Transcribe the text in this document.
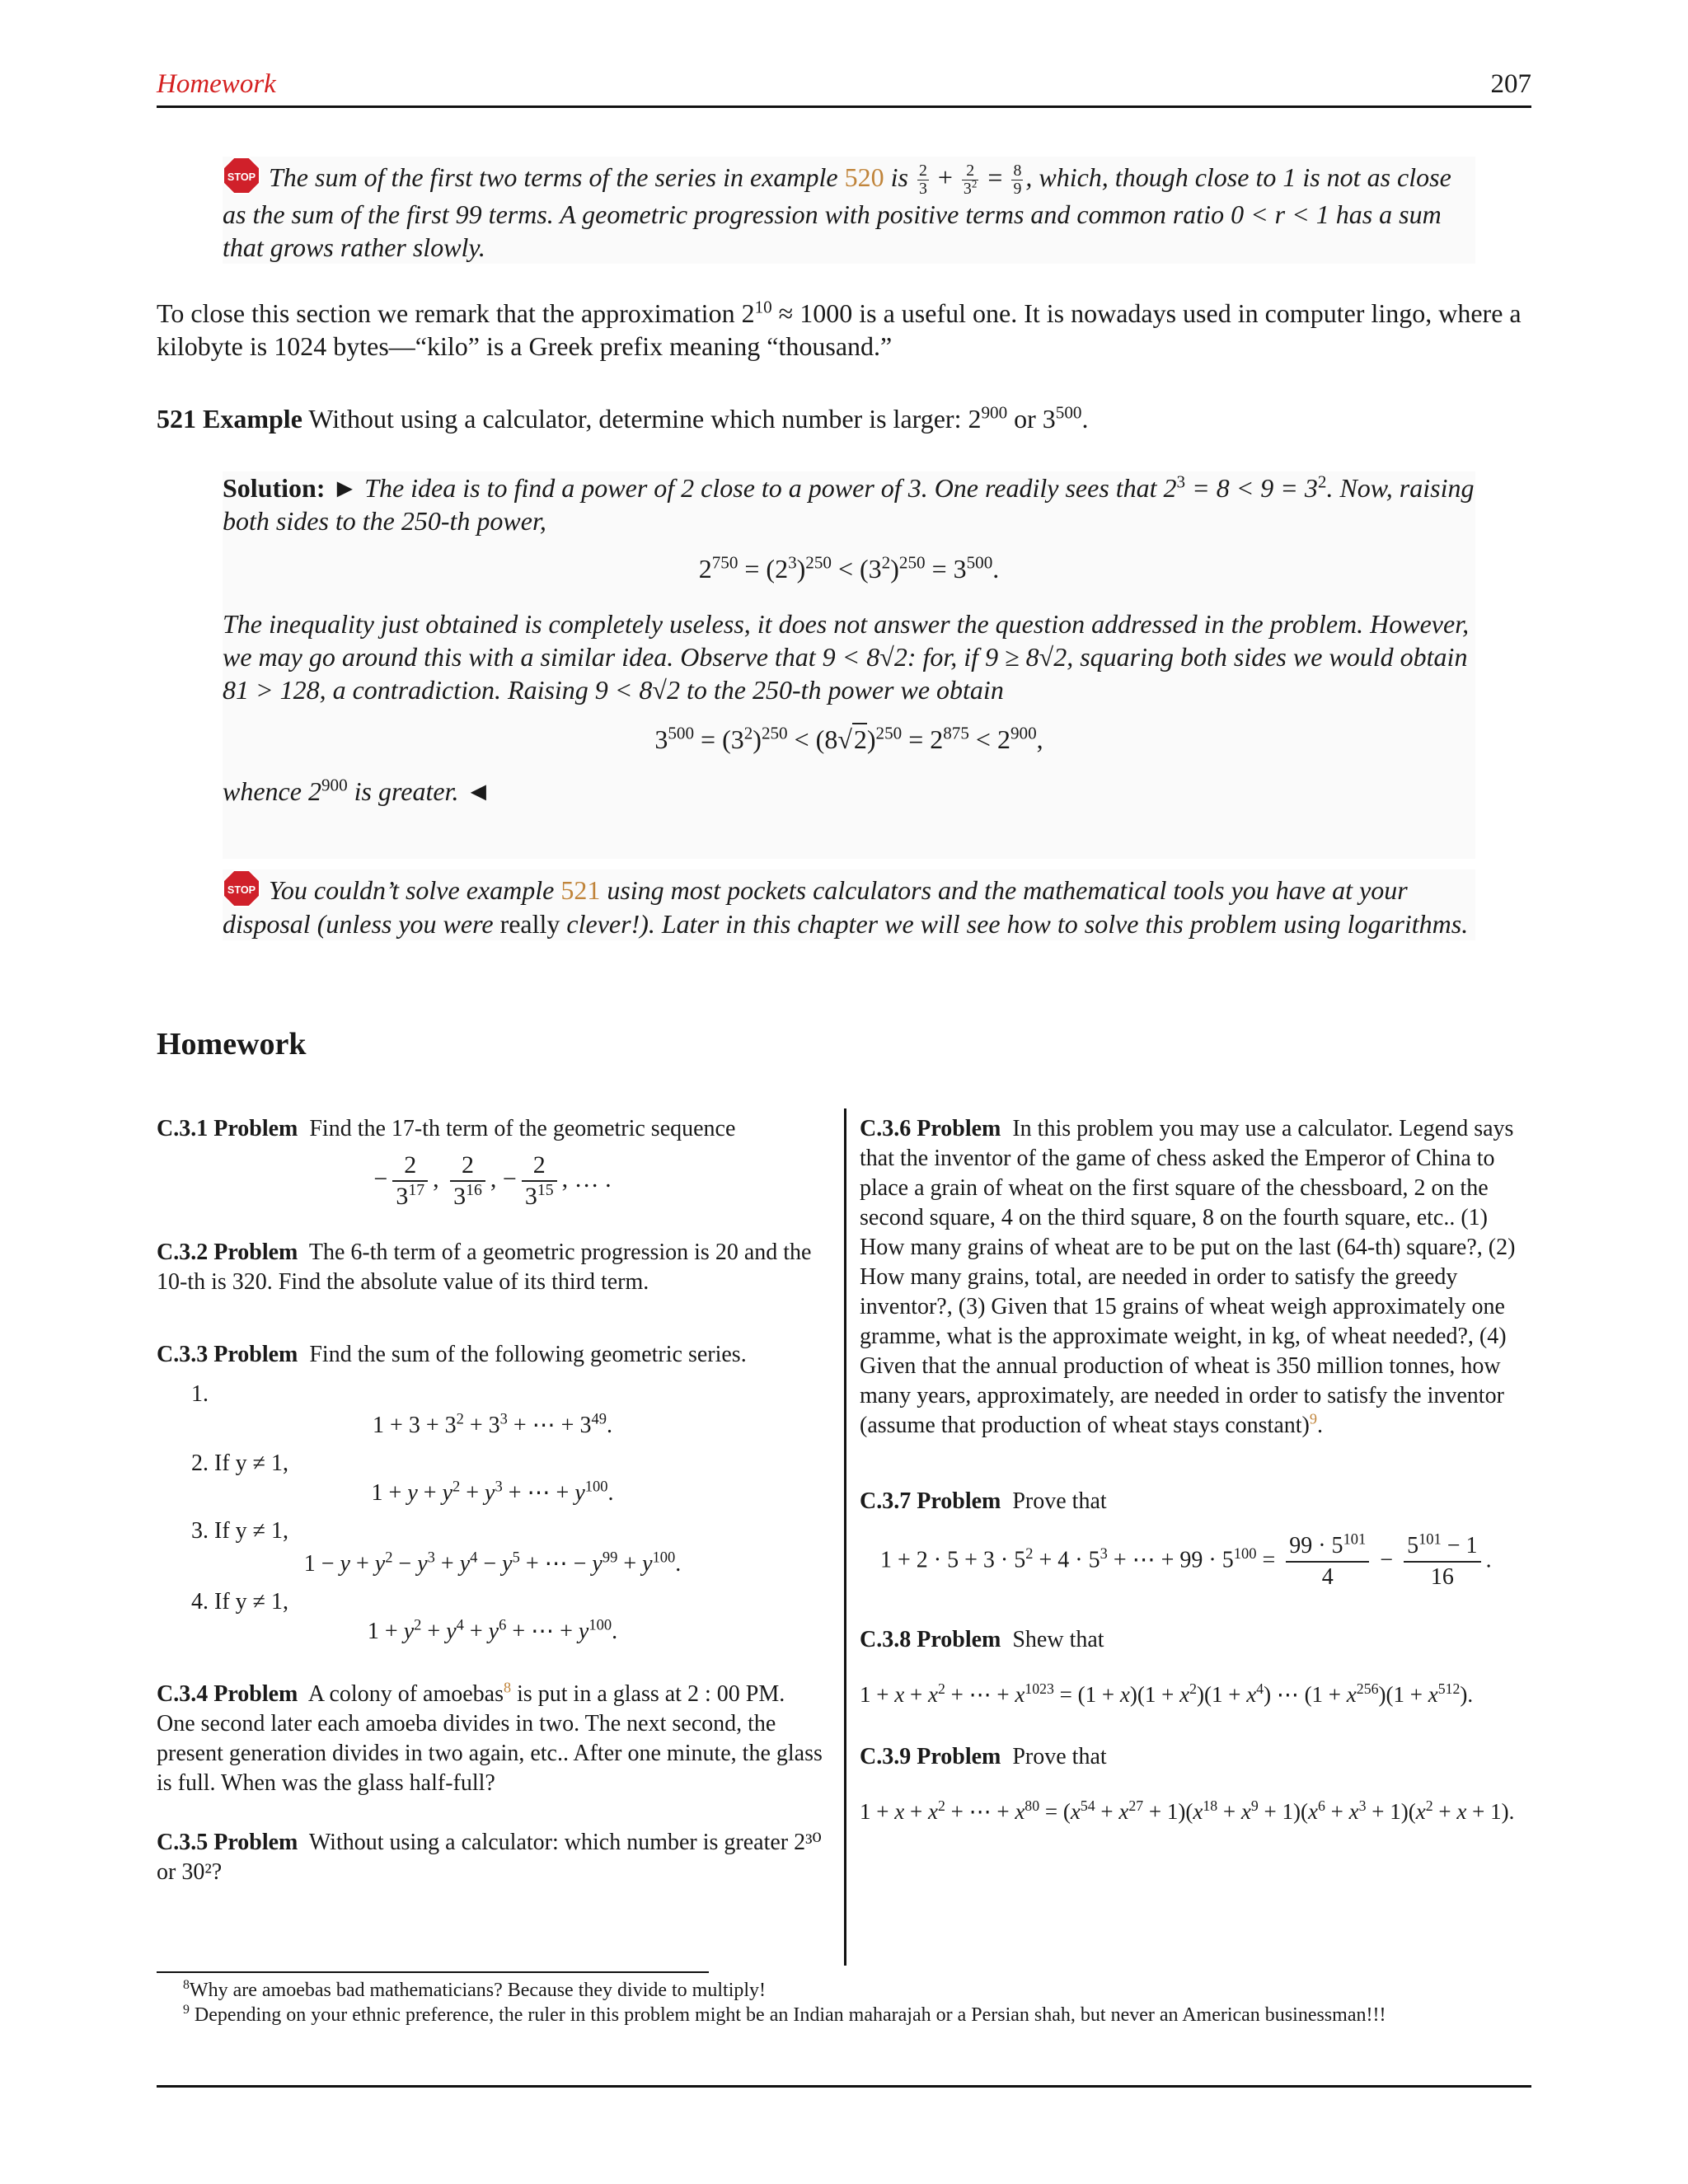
Homework	207
STOP The sum of the first two terms of the series in example 520 is $\frac{2}{3} + \frac{2}{3^2} = \frac{8}{9}$ , which, though close to 1 is not as close as the sum of the first 99 terms. A geometric progression with positive terms and common ratio 0 < r < 1 has a sum that grows rather slowly.
To close this section we remark that the approximation $2^{10} \approx 1000$ is a useful one. It is nowadays used in computer lingo, where a kilobyte is 1024 bytes—“kilo” is a Greek prefix meaning “thousand.”
521 Example Without using a calculator, determine which number is larger: $2^{900}$ or $3^{500}$.
Solution: ► The idea is to find a power of 2 close to a power of 3. One readily sees that $2^3 = 8 < 9 = 3^2$. Now, raising both sides to the 250-th power,
$2^{750} = (2^3)^{250} < (3^2)^{250} = 3^{500}$.
The inequality just obtained is completely useless, it does not answer the question addressed in the problem. However, we may go around this with a similar idea. Observe that 9 < 8√2: for, if 9 ≥ 8√2, squaring both sides we would obtain 81 > 128, a contradiction. Raising 9 < 8√2 to the 250-th power we obtain
$3^{500} = (3^2)^{250} < (8√2)^{250} = 2^{875} < 2^{900}$,
whence $2^{900}$ is greater. ◄
STOP You couldn’t solve example 521 using most pockets calculators and the mathematical tools you have at your disposal (unless you were really clever!). Later in this chapter we will see how to solve this problem using logarithms.
Homework
C.3.1 Problem Find the 17-th term of the geometric sequence
− $\frac{2}{3^{17}}$ , $\frac{2}{3^{16}}$ , − $\frac{2}{3^{15}}$ , … .
C.3.2 Problem The 6-th term of a geometric progression is 20 and the 10-th is 320. Find the absolute value of its third term.
C.3.3 Problem Find the sum of the following geometric series.
1.
$1 + 3 + 3^2 + 3^3$ + ⋯ + $3^{49}$.
2. If y ≠ 1,
$1 + y + y^2 + y^3$ + ⋯ + $y^{100}$.
3. If y ≠ 1,
$1 - y + y^2 - y^3 + y^4 - y^5$ + ⋯ − $y^{99} + y^{100}$.
4. If y ≠ 1,
$1 + y^2 + y^4 + y^6$ + ⋯ + $y^{100}$.
C.3.4 Problem A colony of amoebas$^8$ is put in a glass at 2 : 00 PM. One second later each amoeba divides in two. The next second, the present generation divides in two again, etc.. After one minute, the glass is full. When was the glass half-full?
C.3.5 Problem Without using a calculator: which number is greater 2³⁰ or 30²?
C.3.6 Problem In this problem you may use a calculator. Legend says that the inventor of the game of chess asked the Emperor of China to place a grain of wheat on the first square of the chessboard, 2 on the second square, 4 on the third square, 8 on the fourth square, etc.. (1) How many grains of wheat are to be put on the last (64-th) square?, (2) How many grains, total, are needed in order to satisfy the greedy inventor?, (3) Given that 15 grains of wheat weigh approximately one gramme, what is the approximate weight, in kg, of wheat needed?, (4) Given that the annual production of wheat is 350 million tonnes, how many years, approximately, are needed in order to satisfy the inventor (assume that production of wheat stays constant)$^9$.
C.3.7 Problem Prove that
$1 + 2 \cdot 5 + 3 \cdot 5^2 + 4 \cdot 5^3$ + ⋯ + $99 \cdot 5^{100} = \frac{99 \cdot 5^{101}}{4} - \frac{5^{101} - 1}{16}$ .
C.3.8 Problem Shew that
$1 + x + x^2$ + ⋯ + $x^{1023} = (1 + x)(1 + x^2)(1 + x^4)$ ⋯ $(1 + x^{256})(1 + x^{512})$.
C.3.9 Problem Prove that
$1 + x + x^2$ + ⋯ + $x^{80} = (x^{54} + x^{27} + 1)(x^{18} + x^9 + 1)(x^6 + x^3 + 1)(x^2 + x + 1)$.
$^8$Why are amoebas bad mathematicians? Because they divide to multiply!
$^9$ Depending on your ethnic preference, the ruler in this problem might be an Indian maharajah or a Persian shah, but never an American businessman!!!
